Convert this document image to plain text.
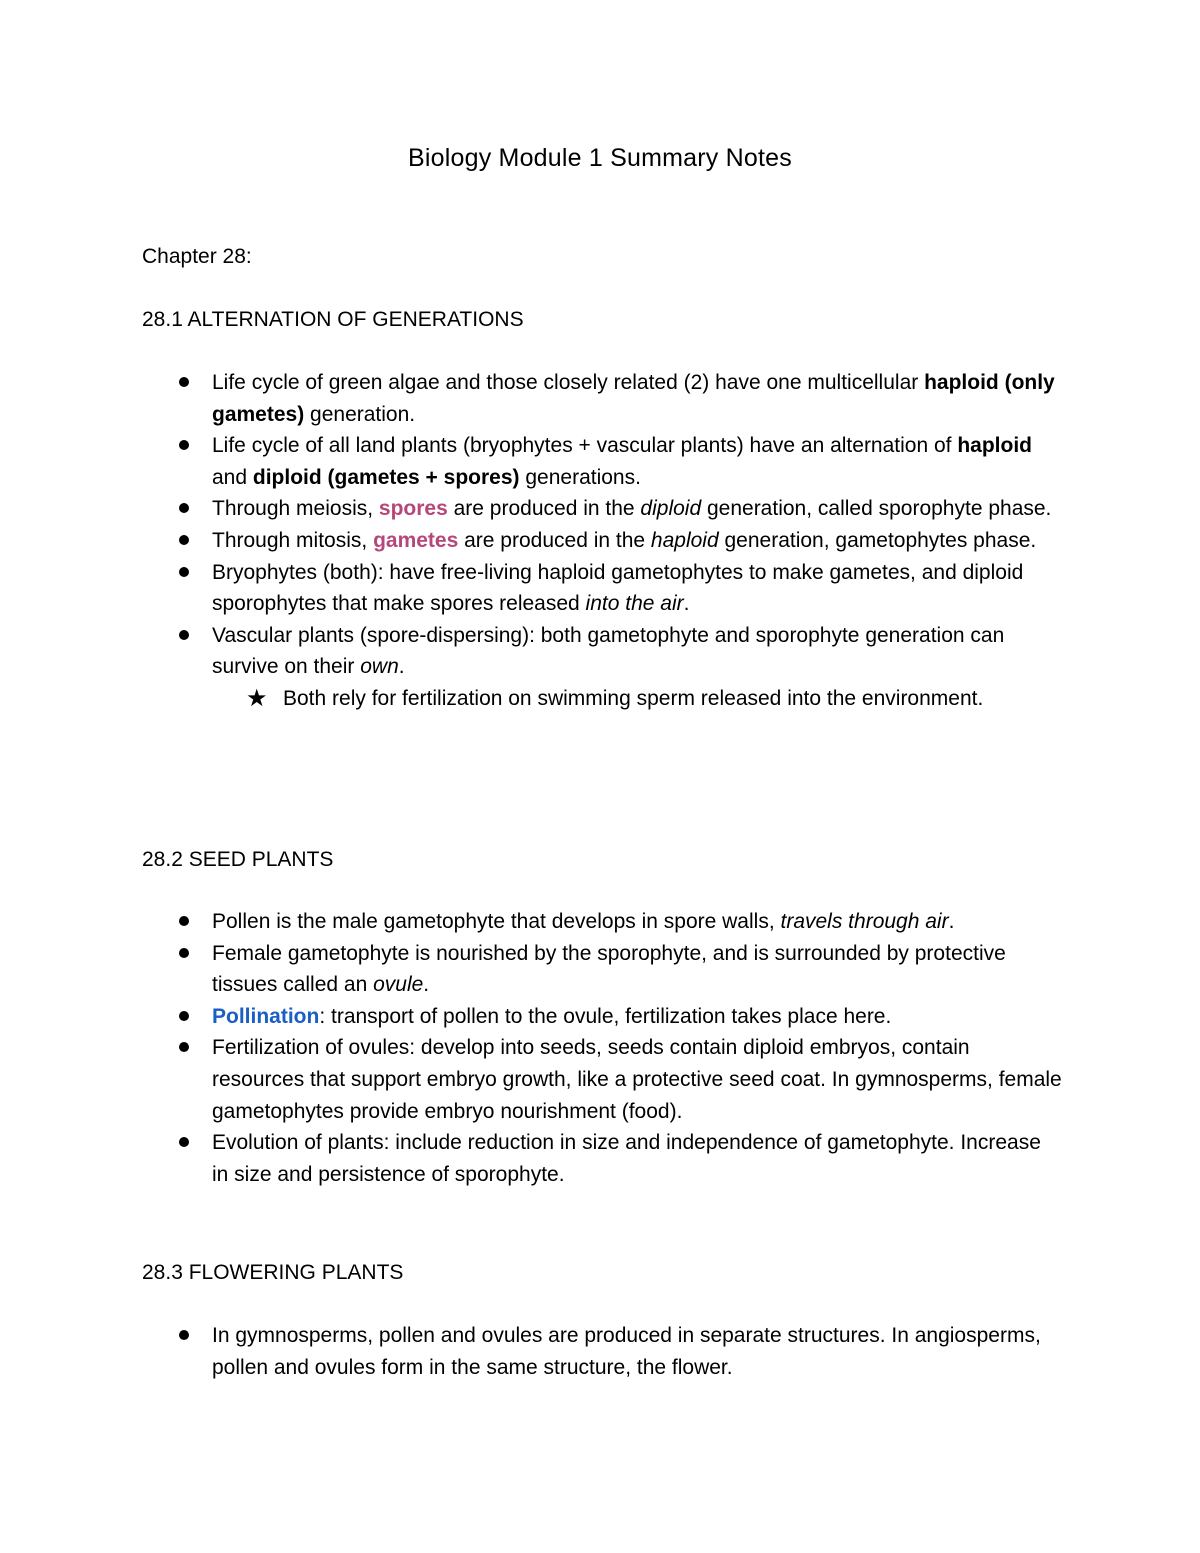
Biology Module 1 Summary Notes
Chapter 28:
28.1 ALTERNATION OF GENERATIONS
Life cycle of green algae and those closely related (2) have one multicellular haploid (only gametes) generation.
Life cycle of all land plants (bryophytes + vascular plants) have an alternation of haploid and diploid (gametes + spores) generations.
Through meiosis, spores are produced in the diploid generation, called sporophyte phase.
Through mitosis, gametes are produced in the haploid generation, gametophytes phase.
Bryophytes (both): have free-living haploid gametophytes to make gametes, and diploid sporophytes that make spores released into the air.
Vascular plants (spore-dispersing): both gametophyte and sporophyte generation can survive on their own.
★ Both rely for fertilization on swimming sperm released into the environment.
28.2 SEED PLANTS
Pollen is the male gametophyte that develops in spore walls, travels through air.
Female gametophyte is nourished by the sporophyte, and is surrounded by protective tissues called an ovule.
Pollination: transport of pollen to the ovule, fertilization takes place here.
Fertilization of ovules: develop into seeds, seeds contain diploid embryos, contain resources that support embryo growth, like a protective seed coat. In gymnosperms, female gametophytes provide embryo nourishment (food).
Evolution of plants: include reduction in size and independence of gametophyte. Increase in size and persistence of sporophyte.
28.3 FLOWERING PLANTS
In gymnosperms, pollen and ovules are produced in separate structures. In angiosperms, pollen and ovules form in the same structure, the flower.
